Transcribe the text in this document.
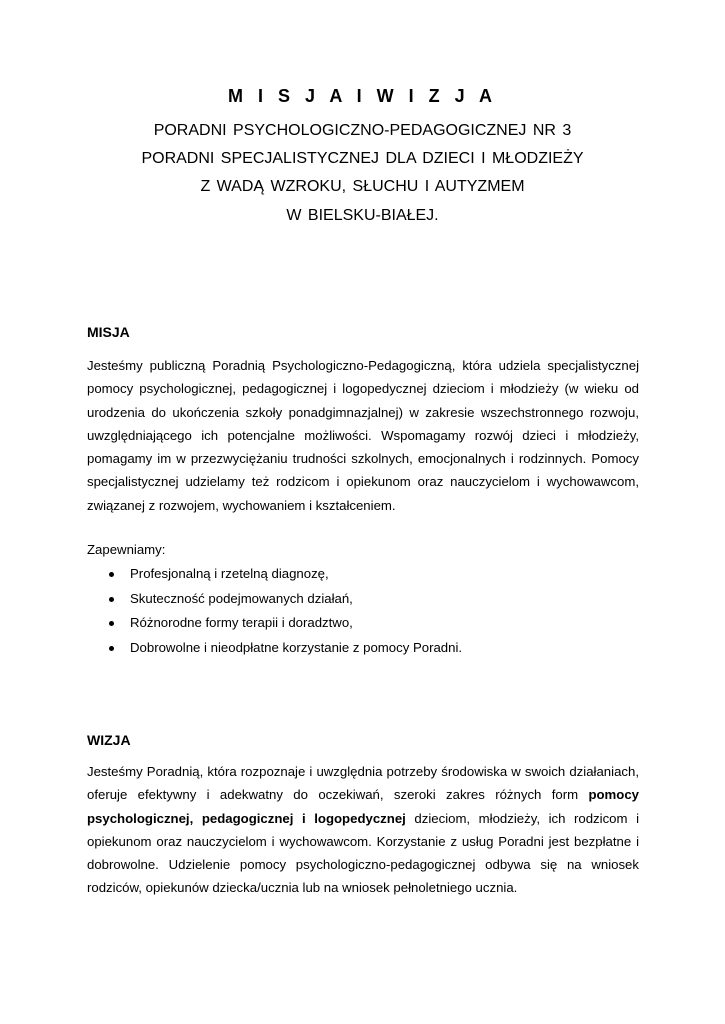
M I S J A I W I Z J A
PORADNI PSYCHOLOGICZNO-PEDAGOGICZNEJ NR 3
PORADNI SPECJALISTYCZNEJ DLA DZIECI I MŁODZIEŻY
Z WADĄ WZROKU, SŁUCHU I AUTYZMEM
W BIELSKU-BIAŁEJ.
MISJA
Jesteśmy publiczną Poradnią Psychologiczno-Pedagogiczną, która udziela specjalistycznej pomocy psychologicznej, pedagogicznej i logopedycznej dzieciom i młodzieży (w wieku od urodzenia do ukończenia szkoły ponadgimnazjalnej) w zakresie wszechstronnego rozwoju, uwzględniającego ich potencjalne możliwości. Wspomagamy rozwój dzieci i młodzieży, pomagamy im w przezwyciężaniu trudności szkolnych, emocjonalnych i rodzinnych. Pomocy specjalistycznej udzielamy też rodzicom i opiekunom oraz nauczycielom i wychowawcom, związanej z rozwojem, wychowaniem i kształceniem.
Zapewniamy:
Profesjonalną i rzetelną diagnozę,
Skuteczność podejmowanych działań,
Różnorodne formy terapii i doradztwo,
Dobrowolne i nieodpłatne korzystanie z pomocy Poradni.
WIZJA
Jesteśmy Poradnią, która rozpoznaje i uwzględnia potrzeby środowiska w swoich działaniach, oferuje efektywny i adekwatny do oczekiwań, szeroki zakres różnych form pomocy psychologicznej, pedagogicznej i logopedycznej dzieciom, młodzieży, ich rodzicom i opiekunom oraz nauczycielom i wychowawcom. Korzystanie z usług Poradni jest bezpłatne i dobrowolne. Udzielenie pomocy psychologiczno-pedagogicznej odbywa się na wniosek rodziców, opiekunów dziecka/ucznia lub na wniosek pełnoletniego ucznia.
